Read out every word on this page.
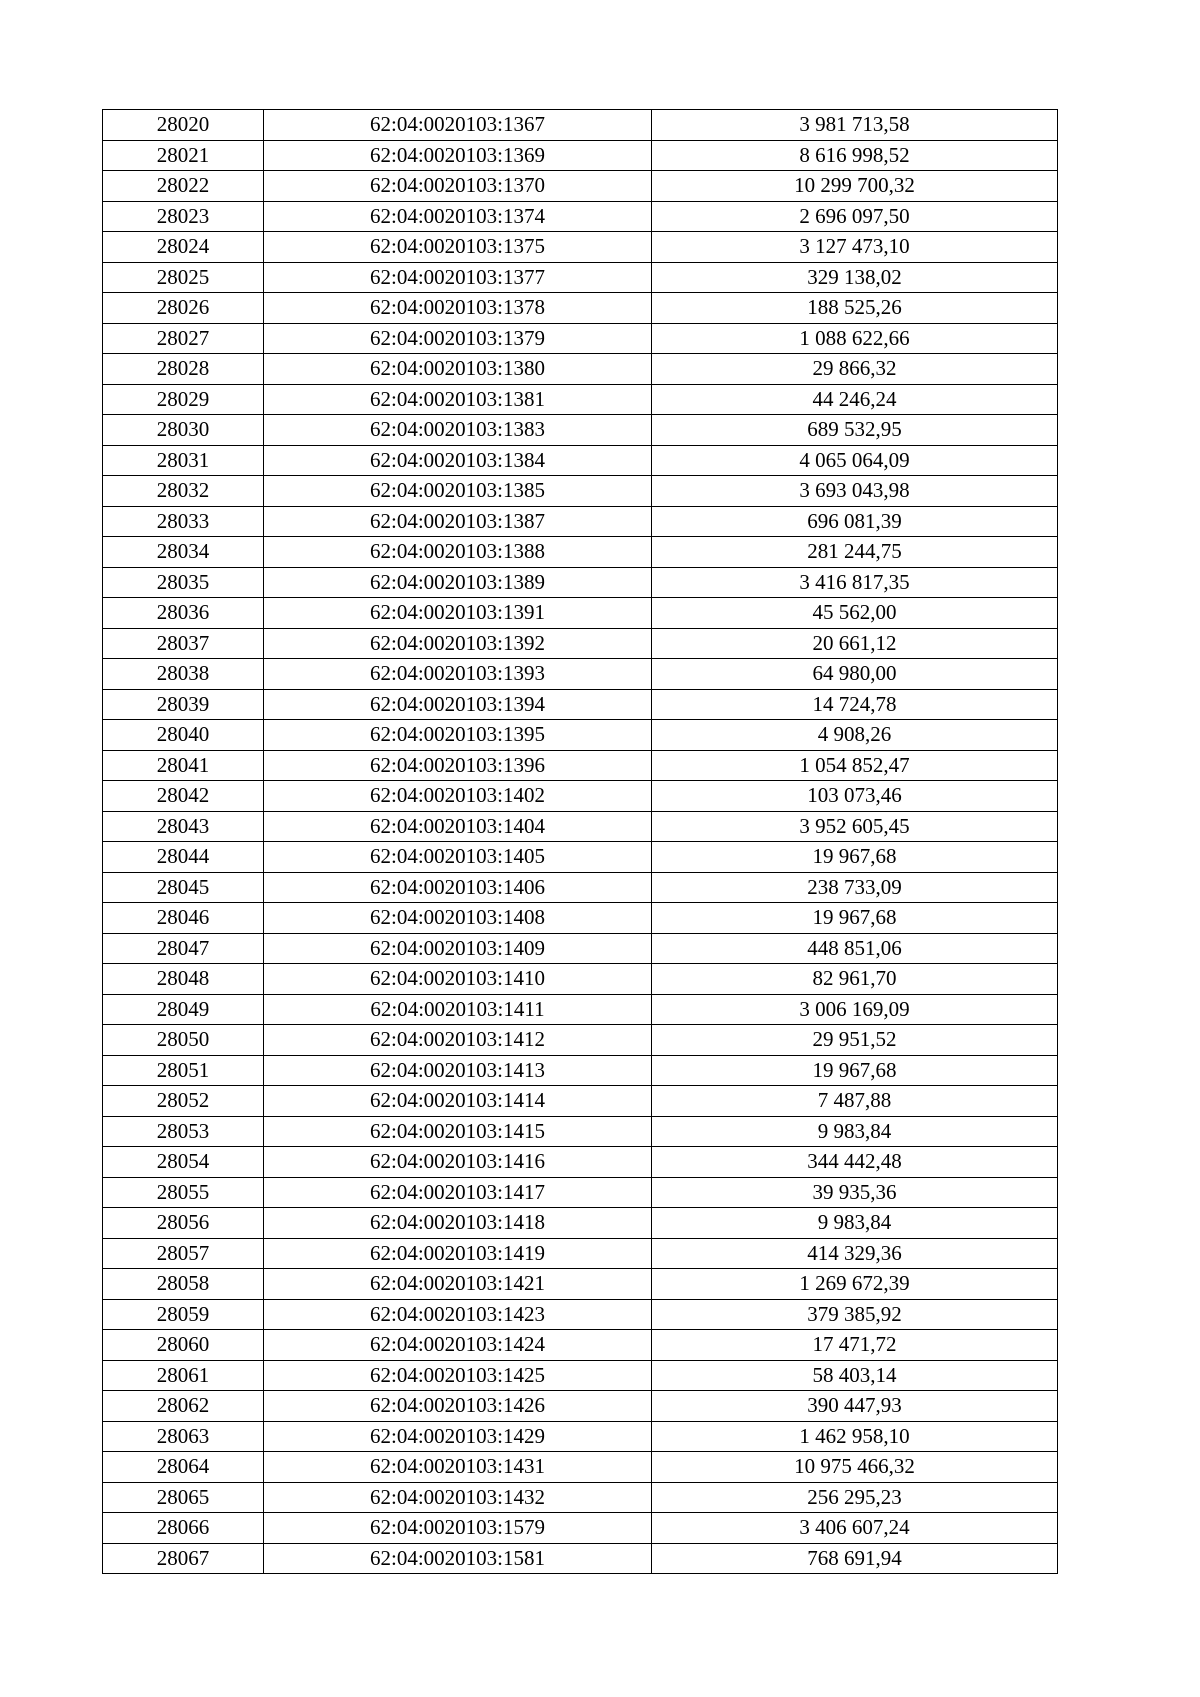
28020	62:04:0020103:1367	3 981 713,58
28021	62:04:0020103:1369	8 616 998,52
28022	62:04:0020103:1370	10 299 700,32
28023	62:04:0020103:1374	2 696 097,50
28024	62:04:0020103:1375	3 127 473,10
28025	62:04:0020103:1377	329 138,02
28026	62:04:0020103:1378	188 525,26
28027	62:04:0020103:1379	1 088 622,66
28028	62:04:0020103:1380	29 866,32
28029	62:04:0020103:1381	44 246,24
28030	62:04:0020103:1383	689 532,95
28031	62:04:0020103:1384	4 065 064,09
28032	62:04:0020103:1385	3 693 043,98
28033	62:04:0020103:1387	696 081,39
28034	62:04:0020103:1388	281 244,75
28035	62:04:0020103:1389	3 416 817,35
28036	62:04:0020103:1391	45 562,00
28037	62:04:0020103:1392	20 661,12
28038	62:04:0020103:1393	64 980,00
28039	62:04:0020103:1394	14 724,78
28040	62:04:0020103:1395	4 908,26
28041	62:04:0020103:1396	1 054 852,47
28042	62:04:0020103:1402	103 073,46
28043	62:04:0020103:1404	3 952 605,45
28044	62:04:0020103:1405	19 967,68
28045	62:04:0020103:1406	238 733,09
28046	62:04:0020103:1408	19 967,68
28047	62:04:0020103:1409	448 851,06
28048	62:04:0020103:1410	82 961,70
28049	62:04:0020103:1411	3 006 169,09
28050	62:04:0020103:1412	29 951,52
28051	62:04:0020103:1413	19 967,68
28052	62:04:0020103:1414	7 487,88
28053	62:04:0020103:1415	9 983,84
28054	62:04:0020103:1416	344 442,48
28055	62:04:0020103:1417	39 935,36
28056	62:04:0020103:1418	9 983,84
28057	62:04:0020103:1419	414 329,36
28058	62:04:0020103:1421	1 269 672,39
28059	62:04:0020103:1423	379 385,92
28060	62:04:0020103:1424	17 471,72
28061	62:04:0020103:1425	58 403,14
28062	62:04:0020103:1426	390 447,93
28063	62:04:0020103:1429	1 462 958,10
28064	62:04:0020103:1431	10 975 466,32
28065	62:04:0020103:1432	256 295,23
28066	62:04:0020103:1579	3 406 607,24
28067	62:04:0020103:1581	768 691,94
